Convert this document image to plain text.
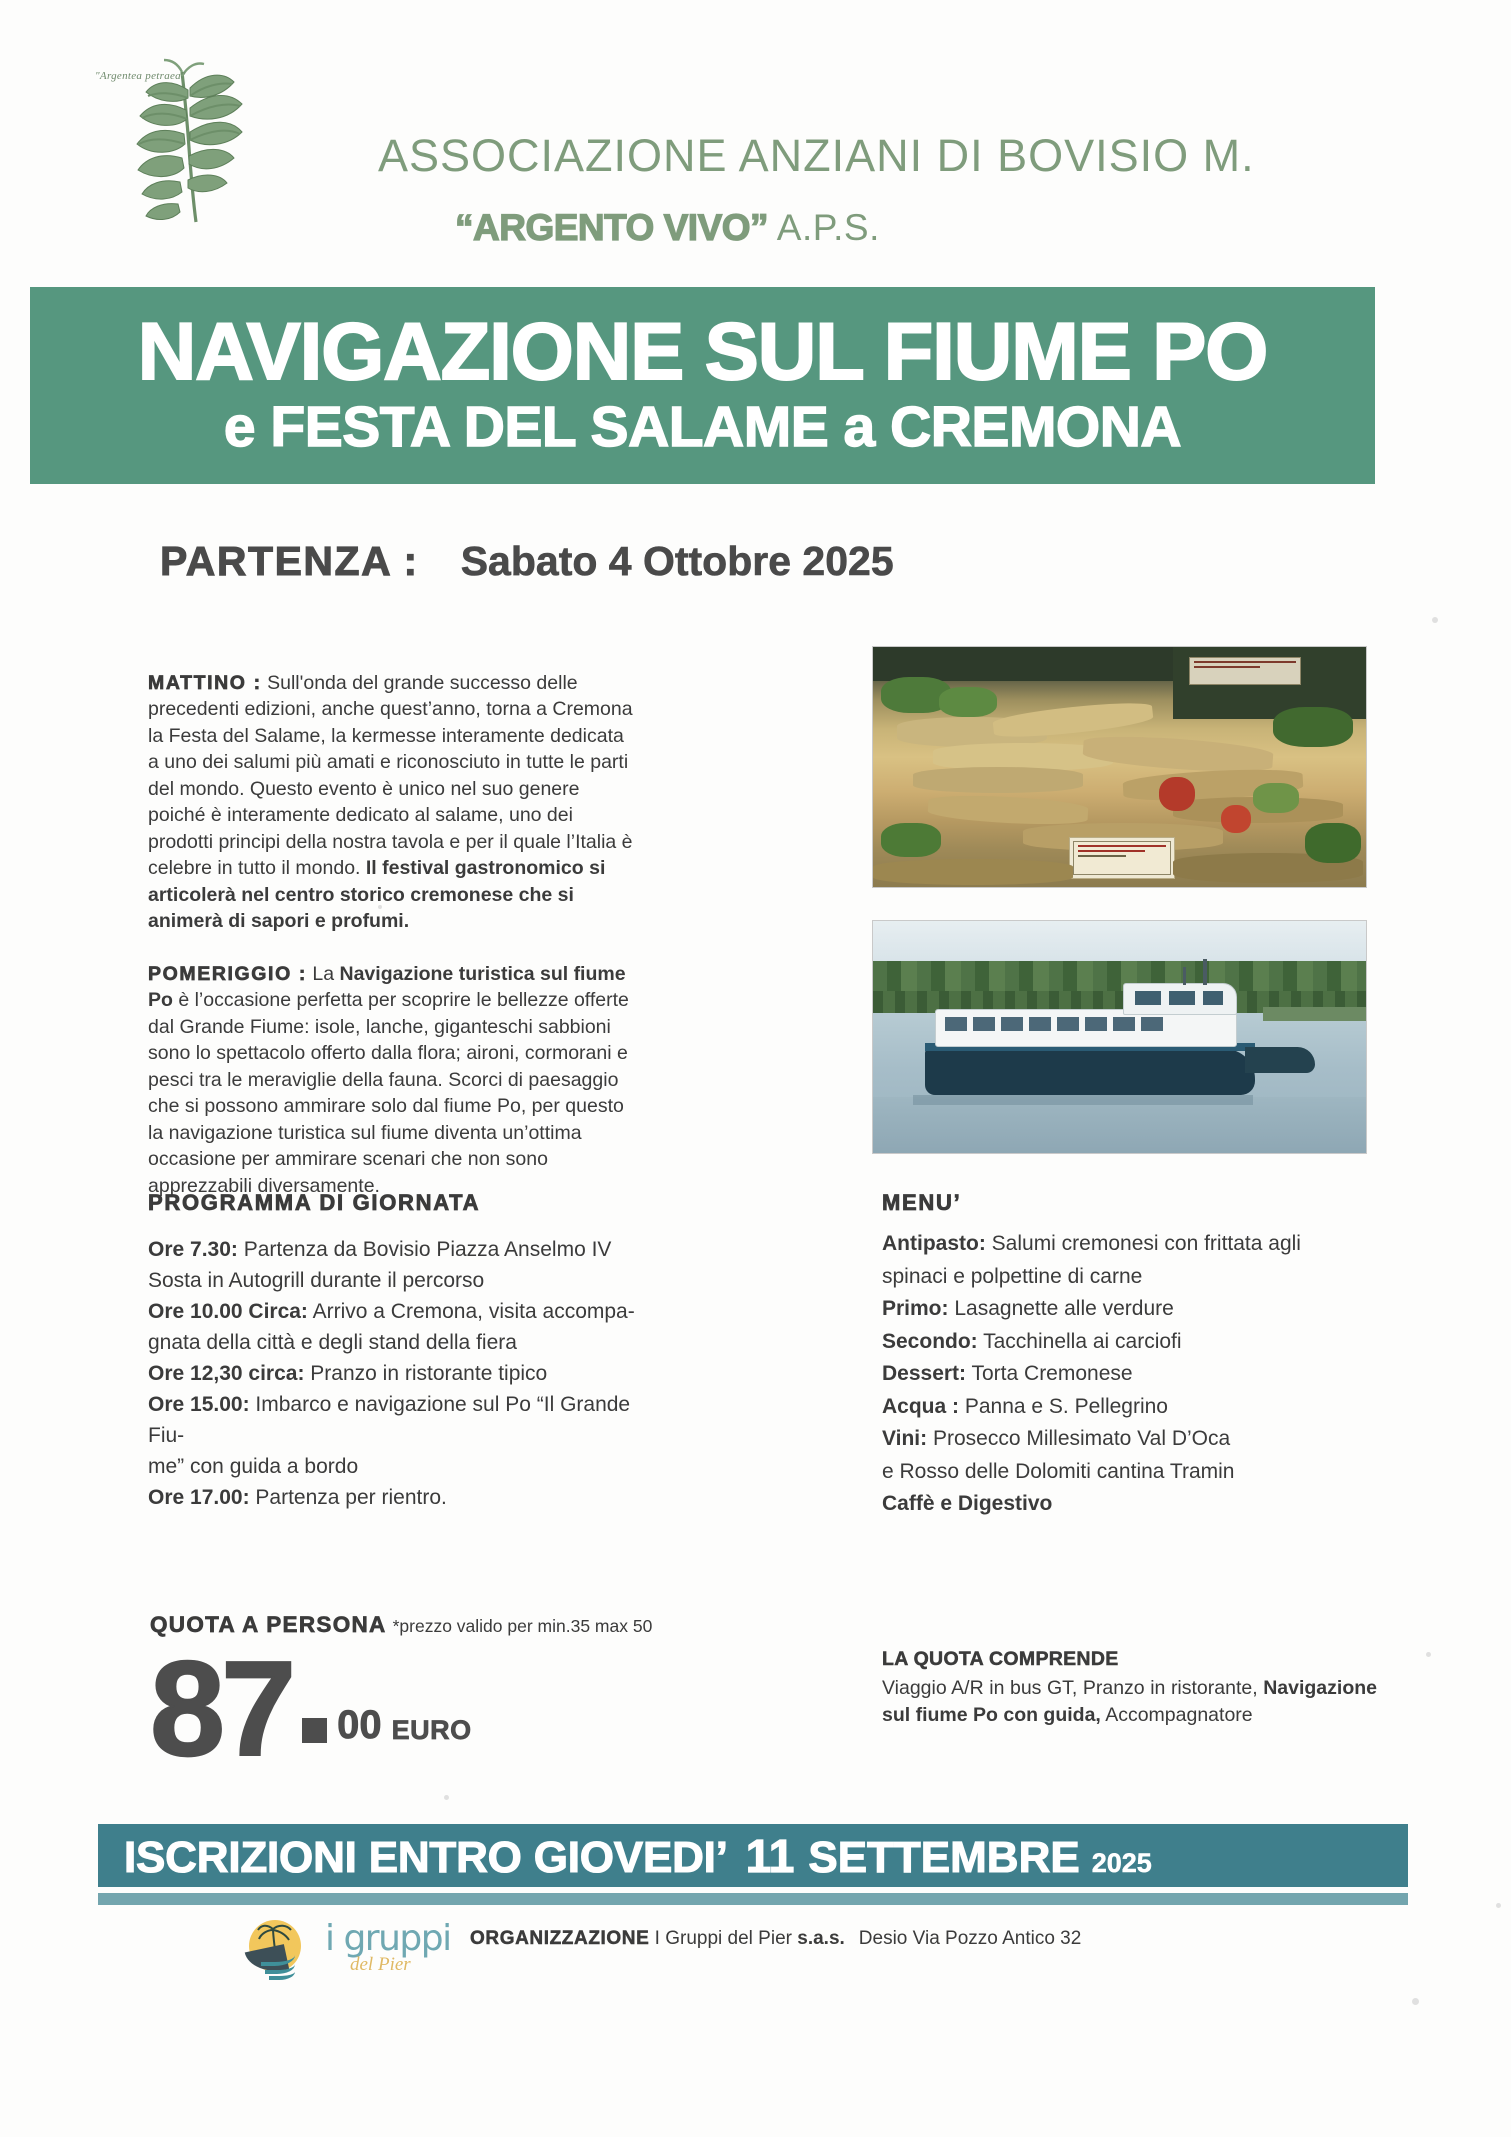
"Argentea petraea"
ASSOCIAZIONE ANZIANI DI BOVISIO M.
“ARGENTO VIVO” A.P.S.
NAVIGAZIONE SUL FIUME PO
e FESTA DEL SALAME a CREMONA
PARTENZA : Sabato 4 Ottobre 2025

MATTINO : Sull'onda del grande successo delle precedenti edizioni, anche quest’anno, torna a Cremona la Festa del Salame, la kermesse interamente dedicata a uno dei salumi più amati e riconosciuto in tutte le parti del mondo. Questo evento è unico nel suo genere poiché è interamente dedicato al salame, uno dei prodotti principi della nostra tavola e per il quale l’Italia è celebre in tutto il mondo. Il festival gastronomico si articolerà nel centro storico cremonese che si animerà di sapori e profumi.

POMERIGGIO : La Navigazione turistica sul fiume Po è l’occasione perfetta per scoprire le bellezze offerte dal Grande Fiume: isole, lanche, giganteschi sabbioni sono lo spettacolo offerto dalla flora; aironi, cormorani e pesci tra le meraviglie della fauna. Scorci di paesaggio che si possono ammirare solo dal fiume Po, per questo la navigazione turistica sul fiume diventa un’ottima occasione per ammirare scenari che non sono apprezzabili diversamente.

PROGRAMMA DI GIORNATA
Ore 7.30: Partenza da Bovisio Piazza Anselmo IV
Sosta in Autogrill durante il percorso
Ore 10.00 Circa: Arrivo a Cremona, visita accompa-
gnata della città e degli stand della fiera
Ore 12,30 circa: Pranzo in ristorante tipico
Ore 15.00: Imbarco e navigazione sul Po “Il Grande Fiu-
me” con guida a bordo
Ore 17.00: Partenza per rientro.
MENU’
Antipasto: Salumi cremonesi con frittata agli
spinaci e polpettine di carne
Primo: Lasagnette alle verdure
Secondo: Tacchinella ai carciofi
Dessert: Torta Cremonese
Acqua : Panna e S. Pellegrino
Vini: Prosecco Millesimato Val D’Oca
e Rosso delle Dolomiti cantina Tramin
Caffè e Digestivo
QUOTA A PERSONA *prezzo valido per min.35 max 50
87 00 EURO
LA QUOTA COMPRENDE
Viaggio A/R in bus GT, Pranzo in ristorante, Navigazione sul fiume Po con guida, Accompagnatore
ISCRIZIONI ENTRO GIOVEDI’ 11 SETTEMBRE 2025
i gruppi
del Pier
ORGANIZZAZIONE I Gruppi del Pier s.a.s. Desio Via Pozzo Antico 32
